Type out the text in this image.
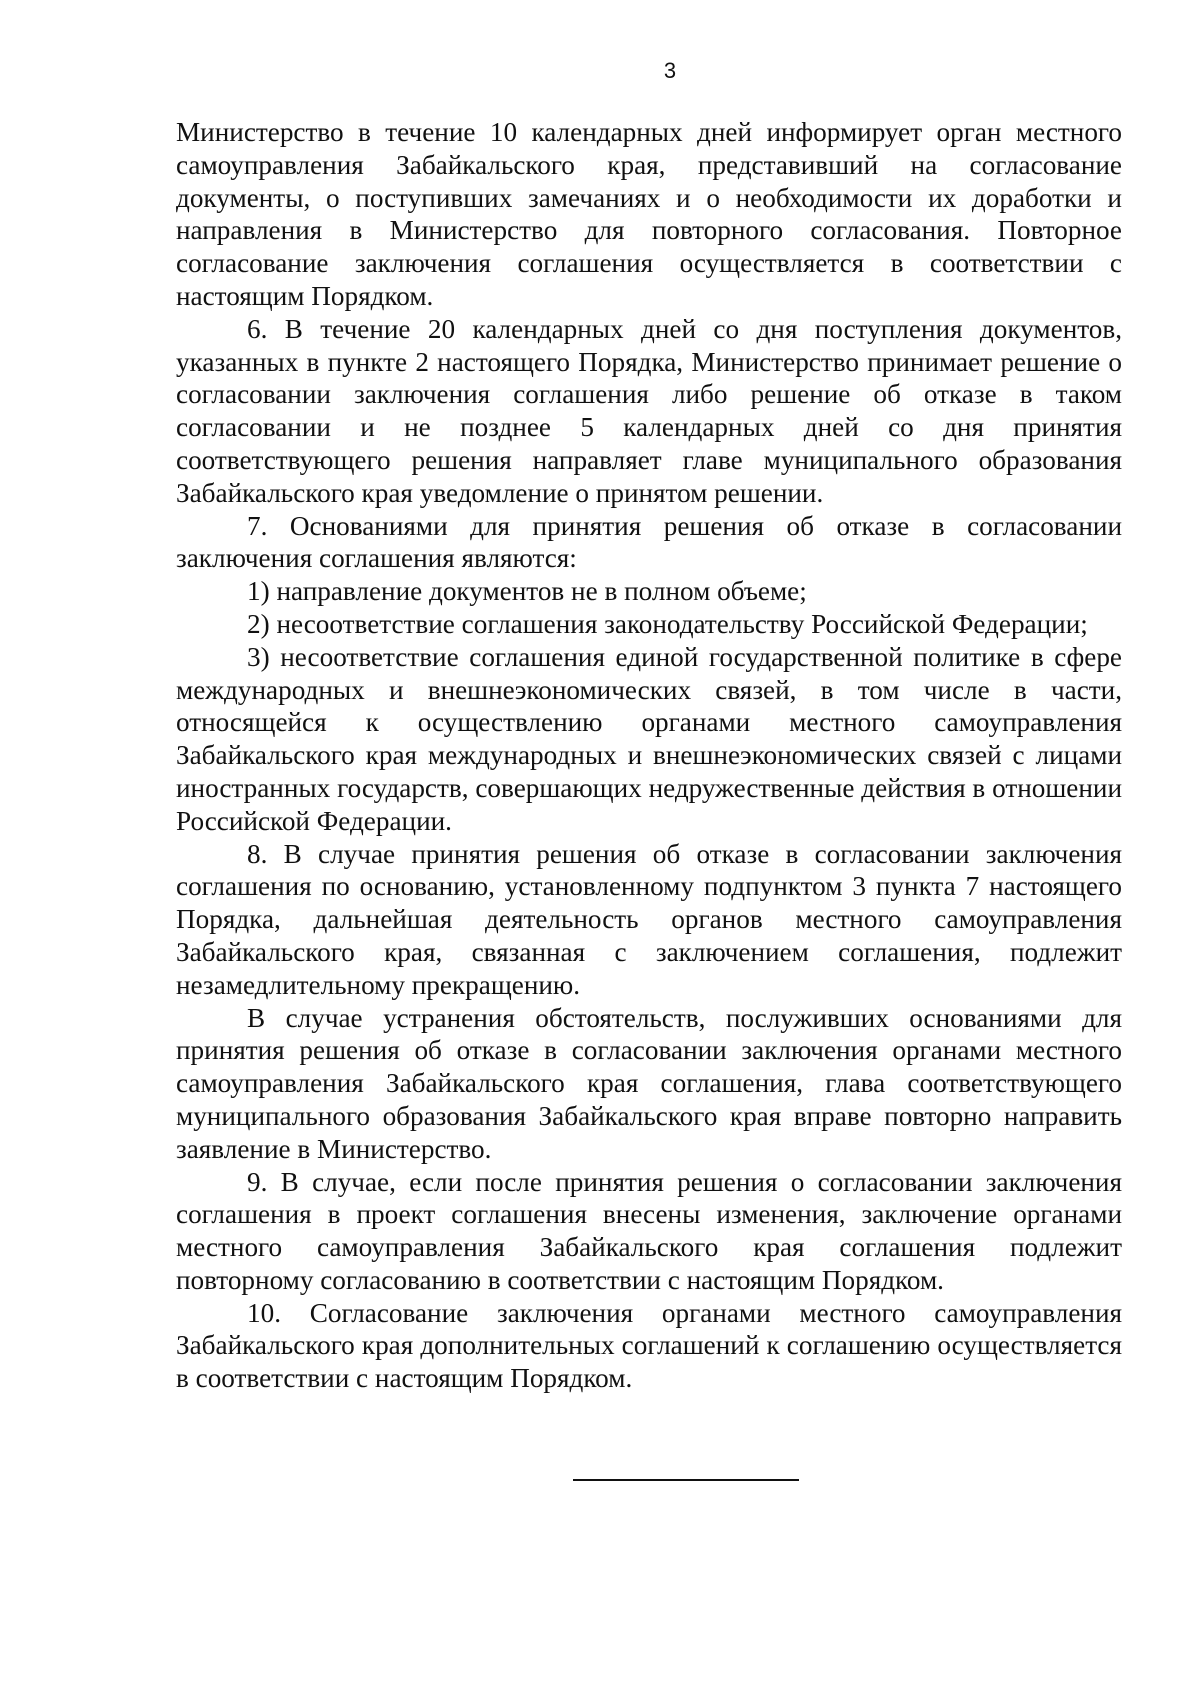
3

Министерство в течение 10 календарных дней информирует орган местного самоуправления Забайкальского края, представивший на согласование документы, о поступивших замечаниях и о необходимости их доработки и направления в Министерство для повторного согласования. Повторное согласование заключения соглашения осуществляется в соответствии с настоящим Порядком.

6. В течение 20 календарных дней со дня поступления документов, указанных в пункте 2 настоящего Порядка, Министерство принимает решение о согласовании заключения соглашения либо решение об отказе в таком согласовании и не позднее 5 календарных дней со дня принятия соответствующего решения направляет главе муниципального образования Забайкальского края уведомление о принятом решении.

7. Основаниями для принятия решения об отказе в согласовании заключения соглашения являются:

1) направление документов не в полном объеме;

2) несоответствие соглашения законодательству Российской Федерации;

3) несоответствие соглашения единой государственной политике в сфере международных и внешнеэкономических связей, в том числе в части, относящейся к осуществлению органами местного самоуправления Забайкальского края международных и внешнеэкономических связей с лицами иностранных государств, совершающих недружественные действия в отношении Российской Федерации.

8. В случае принятия решения об отказе в согласовании заключения соглашения по основанию, установленному подпунктом 3 пункта 7 настоящего Порядка, дальнейшая деятельность органов местного самоуправления Забайкальского края, связанная с заключением соглашения, подлежит незамедлительному прекращению.

В случае устранения обстоятельств, послуживших основаниями для принятия решения об отказе в согласовании заключения органами местного самоуправления Забайкальского края соглашения, глава соответствующего муниципального образования Забайкальского края вправе повторно направить заявление в Министерство.

9. В случае, если после принятия решения о согласовании заключения соглашения в проект соглашения внесены изменения, заключение органами местного самоуправления Забайкальского края соглашения подлежит повторному согласованию в соответствии с настоящим Порядком.

10. Согласование заключения органами местного самоуправления Забайкальского края дополнительных соглашений к соглашению осуществляется в соответствии с настоящим Порядком.
